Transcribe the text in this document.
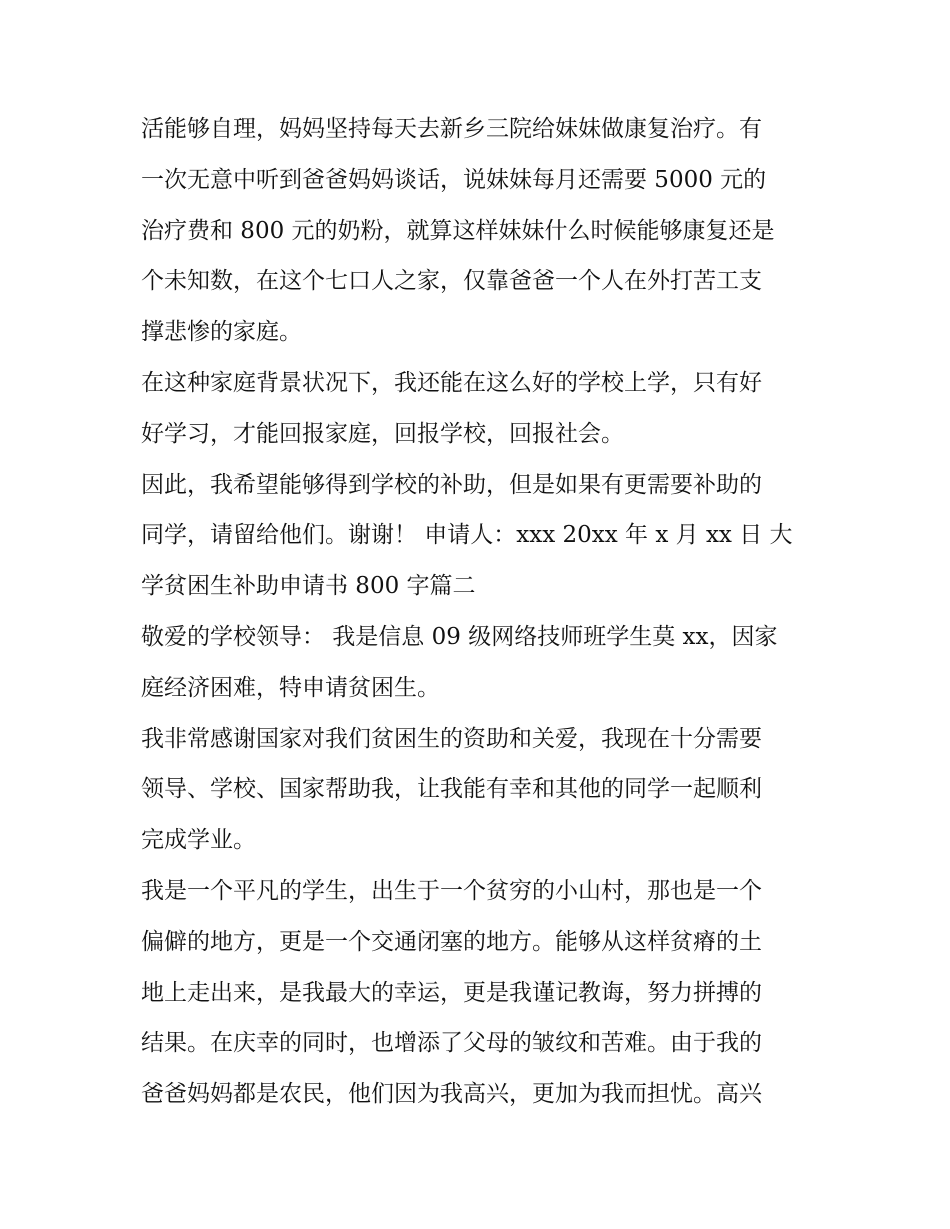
活能够自理，妈妈坚持每天去新乡三院给妹妹做康复治疗。有
一次无意中听到爸爸妈妈谈话，说妹妹每月还需要 5000 元的
治疗费和 800 元的奶粉，就算这样妹妹什么时候能够康复还是
个未知数，在这个七口人之家，仅靠爸爸一个人在外打苦工支
撑悲惨的家庭。
在这种家庭背景状况下，我还能在这么好的学校上学，只有好
好学习，才能回报家庭，回报学校，回报社会。
因此，我希望能够得到学校的补助，但是如果有更需要补助的
同学，请留给他们。谢谢！ 申请人：xxx 20xx 年 x 月 xx 日 大
学贫困生补助申请书 800 字篇二
敬爱的学校领导： 我是信息 09 级网络技师班学生莫 xx，因家
庭经济困难，特申请贫困生。
我非常感谢国家对我们贫困生的资助和关爱，我现在十分需要
领导、学校、国家帮助我，让我能有幸和其他的同学一起顺利
完成学业。
我是一个平凡的学生，出生于一个贫穷的小山村，那也是一个
偏僻的地方，更是一个交通闭塞的地方。能够从这样贫瘠的土
地上走出来，是我最大的幸运，更是我谨记教诲，努力拼搏的
结果。在庆幸的同时，也增添了父母的皱纹和苦难。由于我的
爸爸妈妈都是农民，他们因为我高兴，更加为我而担忧。高兴
